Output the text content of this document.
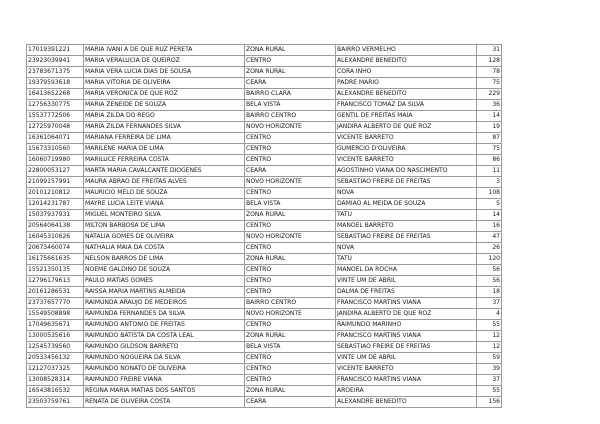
17019391221	MARIA IVANI A DE QUE RUZ PERETA	ZONA RURAL	BAIRRO VERMELHO	31
23923039941	MARIA VERALUCIA DE QUEIROZ	CENTRO	ALEXANDRE BENEDITO	128
23783671375	MARIA VERA LUCIA DIAS DE SOUSA	ZONA RURAL	CORA INHO	78
19379593618	MARIA VITORIA DE OLIVEIRA	CEARA	PADRE MARIO	75
16413652268	MARIA VERONICA DE QUE ROZ	BAIRRO CLARA	ALEXANDRE BENEDITO	229
12756330775	MARIA ZENEIDE DE SOUZA	BELA VISTA	FRANCISCO TOMAZ DA SILVA	36
15537772506	MARIA ZILDA DO REGO	BAIRRO CENTRO	GENTIL DE FREITAS MAIA	14
12725970048	MARIA ZILDA FERNANDES SILVA	NOVO HORIZONTE	JANDIRA ALBERTO DE QUE ROZ	19
16361064071	MARIANA FERREIRA DE LIMA	CENTRO	VICENTE BARRETO	87
15673310560	MARILENE MARIA DE LIMA	CENTRO	GUMERCIO D'OLIVEIRA	75
16060719980	MARILUCE FERREIRA COSTA	CENTRO	VICENTE BARRETO	86
22800053127	MARTA MARIA CAVALCANTE DIOGENES	CEARA	AGOSTINHO VIANA DO NASCIMENTO	11
21099157991	MAURA ABRAO DE FREITAS ALVES	NOVO HORIZONTE	SEBASTIAO FREIRE DE FREITAS	3
20101210812	MAURICIO MELO DE SOUZA	CENTRO	NOVA	108
12014231787	MAYRE LUCIA LEITE VIANA	BELA VISTA	DAMIAO AL MEIDA DE SOUZA	5
15037937931	MIGUEL MONTEIRO SILVA	ZONA RURAL	TATU	14
20564064138	MILTON BARBOSA DE LIMA	CENTRO	MANOEL BARRETO	16
16045310626	NATALIA GOMES DE OLIVEIRA	NOVO HORIZONTE	SEBASTIAO FREIRE DE FREITAS	47
20673460074	NATHALIA MAIA DA COSTA	CENTRO	NOVA	26
16175661635	NELSON BARROS DE LIMA	ZONA RURAL	TATU	120
15521350135	NOEME GALDINO DE SOUZA	CENTRO	MANOEL DA ROCHA	56
12796179613	PAULO MATIAS GOMES	CENTRO	VINTE UM DE ABRIL	56
20161286531	RAISSA MARIA MARTINS ALMEIDA	CENTRO	DALMA DE FREITAS	18
23737657770	RAIMUNDA ARAUJO DE MEDEIROS	BAIRRO CENTRO	FRANCISCO MARTINS VIANA	37
15549508898	RAIMUNDA FERNANDES DA SILVA	NOVO HORIZONTE	JANDIRA ALBERTO DE QUE ROZ	4
17049635671	RAIMUNDO ANTONIO DE FREITAS	CENTRO	RAIMUNDO MARINHO	55
13000535616	RAIMUNDO BATISTA DA COSTA LEAL	ZONA RURAL	FRANCISCO MARTINS VIANA	12
12545739560	RAIMUNDO GILDSON BARRETO	BELA VISTA	SEBASTIAO FREIRE DE FREITAS	12
20533456132	RAIMUNDO NOGUEIRA DA SILVA	CENTRO	VINTE UM DE ABRIL	59
12127037325	RAIMUNDO NONATO DE OLIVEIRA	CENTRO	VICENTE BARRETO	39
13008528314	RAIMUNDO FREIRE VIANA	CENTRO	FRANCISCO MARTINS VIANA	37
16543816532	REGINA MARIA MATIAS DOS SANTOS	ZONA RURAL	AROEIRA	55
23503759761	RENATA DE OLIVEIRA COSTA	CEARA	ALEXANDRE BENEDITO	156
